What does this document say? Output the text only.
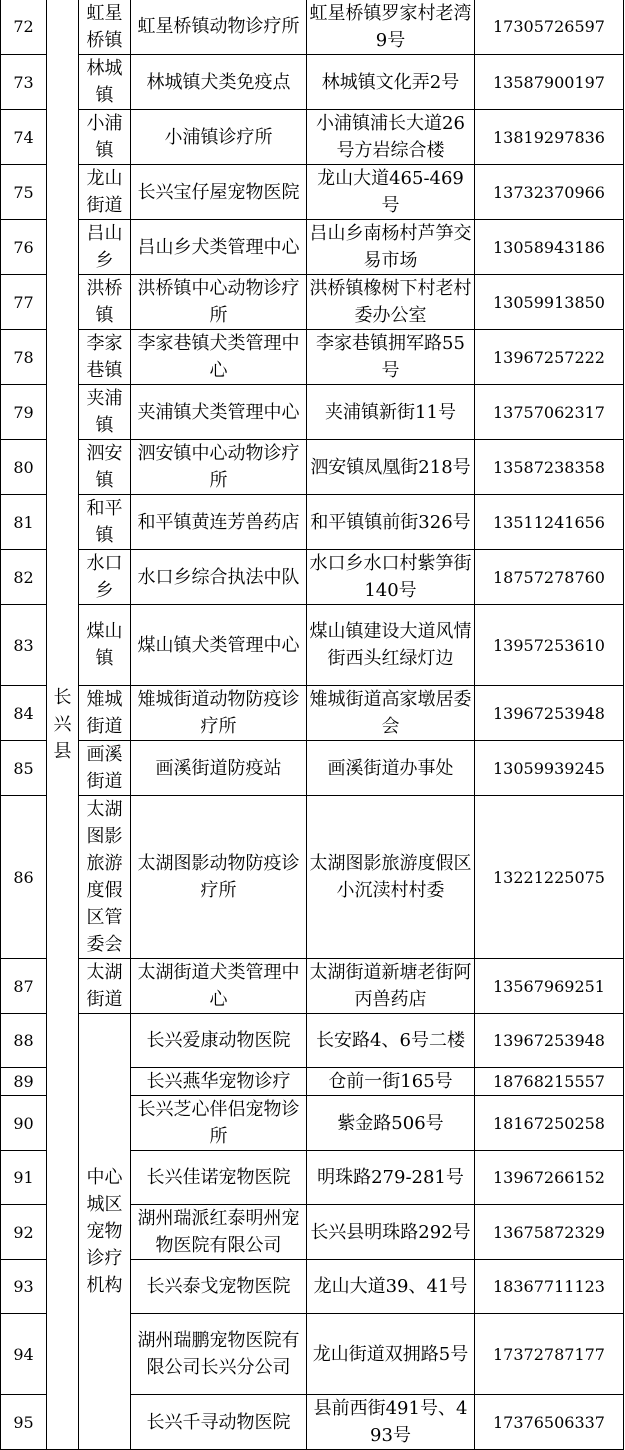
72	长兴县	虹星桥镇	虹星桥镇动物诊疗所	虹星桥镇罗家村老湾9号	17305726597
73		林城镇	林城镇犬类免疫点	林城镇文化弄2号	13587900197
74		小浦镇	小浦镇诊疗所	小浦镇浦长大道26号方岩综合楼	13819297836
75		龙山街道	长兴宝仔屋宠物医院	龙山大道465-469号	13732370966
76		吕山乡	吕山乡犬类管理中心	吕山乡南杨村芦笋交易市场	13058943186
77		洪桥镇	洪桥镇中心动物诊疗所	洪桥镇橡树下村老村委办公室	13059913850
78		李家巷镇	李家巷镇犬类管理中心	李家巷镇拥军路55号	13967257222
79		夹浦镇	夹浦镇犬类管理中心	夹浦镇新街11号	13757062317
80		泗安镇	泗安镇中心动物诊疗所	泗安镇凤凰街218号	13587238358
81		和平镇	和平镇黄连芳兽药店	和平镇镇前街326号	13511241656
82		水口乡	水口乡综合执法中队	水口乡水口村紫笋街140号	18757278760
83		煤山镇	煤山镇犬类管理中心	煤山镇建设大道风情街西头红绿灯边	13957253610
84		雉城街道	雉城街道动物防疫诊疗所	雉城街道高家墩居委会	13967253948
85		画溪街道	画溪街道防疫站	画溪街道办事处	13059939245
86		太湖图影旅游度假区管委会	太湖图影动物防疫诊疗所	太湖图影旅游度假区小沉渎村村委	13221225075
87		太湖街道	太湖街道犬类管理中心	太湖街道新塘老街阿丙兽药店	13567969251
88		中心城区宠物诊疗机构	长兴爱康动物医院	长安路4、6号二楼	13967253948
89			长兴燕华宠物诊疗	仓前一街165号	18768215557
90			长兴芝心伴侣宠物诊所	紫金路506号	18167250258
91			长兴佳诺宠物医院	明珠路279-281号	13967266152
92			湖州瑞派红泰明州宠物医院有限公司	长兴县明珠路292号	13675872329
93			长兴泰戈宠物医院	龙山大道39、41号	18367711123
94			湖州瑞鹏宠物医院有限公司长兴分公司	龙山街道双拥路5号	17372787177
95			长兴千寻动物医院	县前西街491号、493号	17376506337
